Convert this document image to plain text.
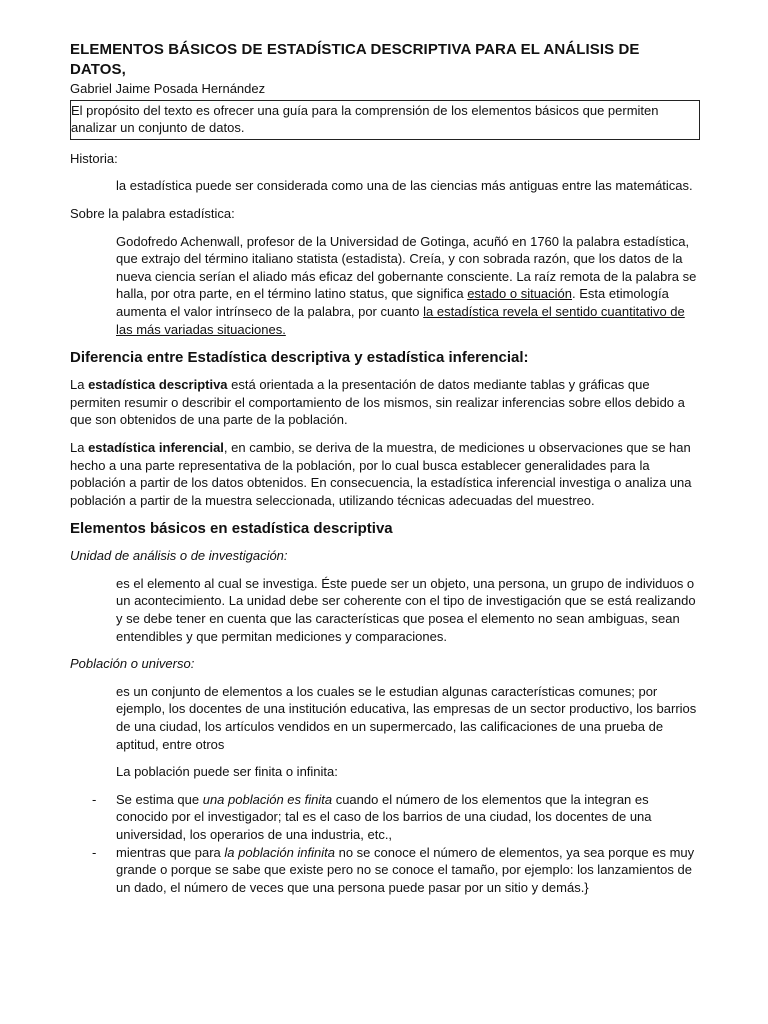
ELEMENTOS BÁSICOS DE ESTADÍSTICA DESCRIPTIVA PARA EL ANÁLISIS DE DATOS,

Gabriel Jaime Posada Hernández

El propósito del texto es ofrecer una guía para la comprensión de los elementos básicos que permiten analizar un conjunto de datos.

Historia:

la estadística puede ser considerada como una de las ciencias más antiguas entre las matemáticas.

Sobre la palabra estadística:

Godofredo Achenwall, profesor de la Universidad de Gotinga, acuñó en 1760 la palabra estadística, que extrajo del término italiano statista (estadista). Creía, y con sobrada razón, que los datos de la nueva ciencia serían el aliado más eficaz del gobernante consciente. La raíz remota de la palabra se halla, por otra parte, en el término latino status, que significa estado o situación. Esta etimología aumenta el valor intrínseco de la palabra, por cuanto la estadística revela el sentido cuantitativo de las más variadas situaciones.

Diferencia entre Estadística descriptiva y estadística inferencial:

La estadística descriptiva está orientada a la presentación de datos mediante tablas y gráficas que permiten resumir o describir el comportamiento de los mismos, sin realizar inferencias sobre ellos debido a que son obtenidos de una parte de la población.

La estadística inferencial, en cambio, se deriva de la muestra, de mediciones u observaciones que se han hecho a una parte representativa de la población, por lo cual busca establecer generalidades para la población a partir de los datos obtenidos. En consecuencia, la estadística inferencial investiga o analiza una población a partir de la muestra seleccionada, utilizando técnicas adecuadas del muestreo.

Elementos básicos en estadística descriptiva

Unidad de análisis o de investigación:

es el elemento al cual se investiga. Éste puede ser un objeto, una persona, un grupo de individuos o un acontecimiento. La unidad debe ser coherente con el tipo de investigación que se está realizando y se debe tener en cuenta que las características que posea el elemento no sean ambiguas, sean entendibles y que permitan mediciones y comparaciones.

Población o universo:

es un conjunto de elementos a los cuales se le estudian algunas características comunes; por ejemplo, los docentes de una institución educativa, las empresas de un sector productivo, los barrios de una ciudad, los artículos vendidos en un supermercado, las calificaciones de una prueba de aptitud, entre otros

La población puede ser finita o infinita:

- Se estima que una población es finita cuando el número de los elementos que la integran es conocido por el investigador; tal es el caso de los barrios de una ciudad, los docentes de una universidad, los operarios de una industria, etc.,
- mientras que para la población infinita no se conoce el número de elementos, ya sea porque es muy grande o porque se sabe que existe pero no se conoce el tamaño, por ejemplo: los lanzamientos de un dado, el número de veces que una persona puede pasar por un sitio y demás.}
